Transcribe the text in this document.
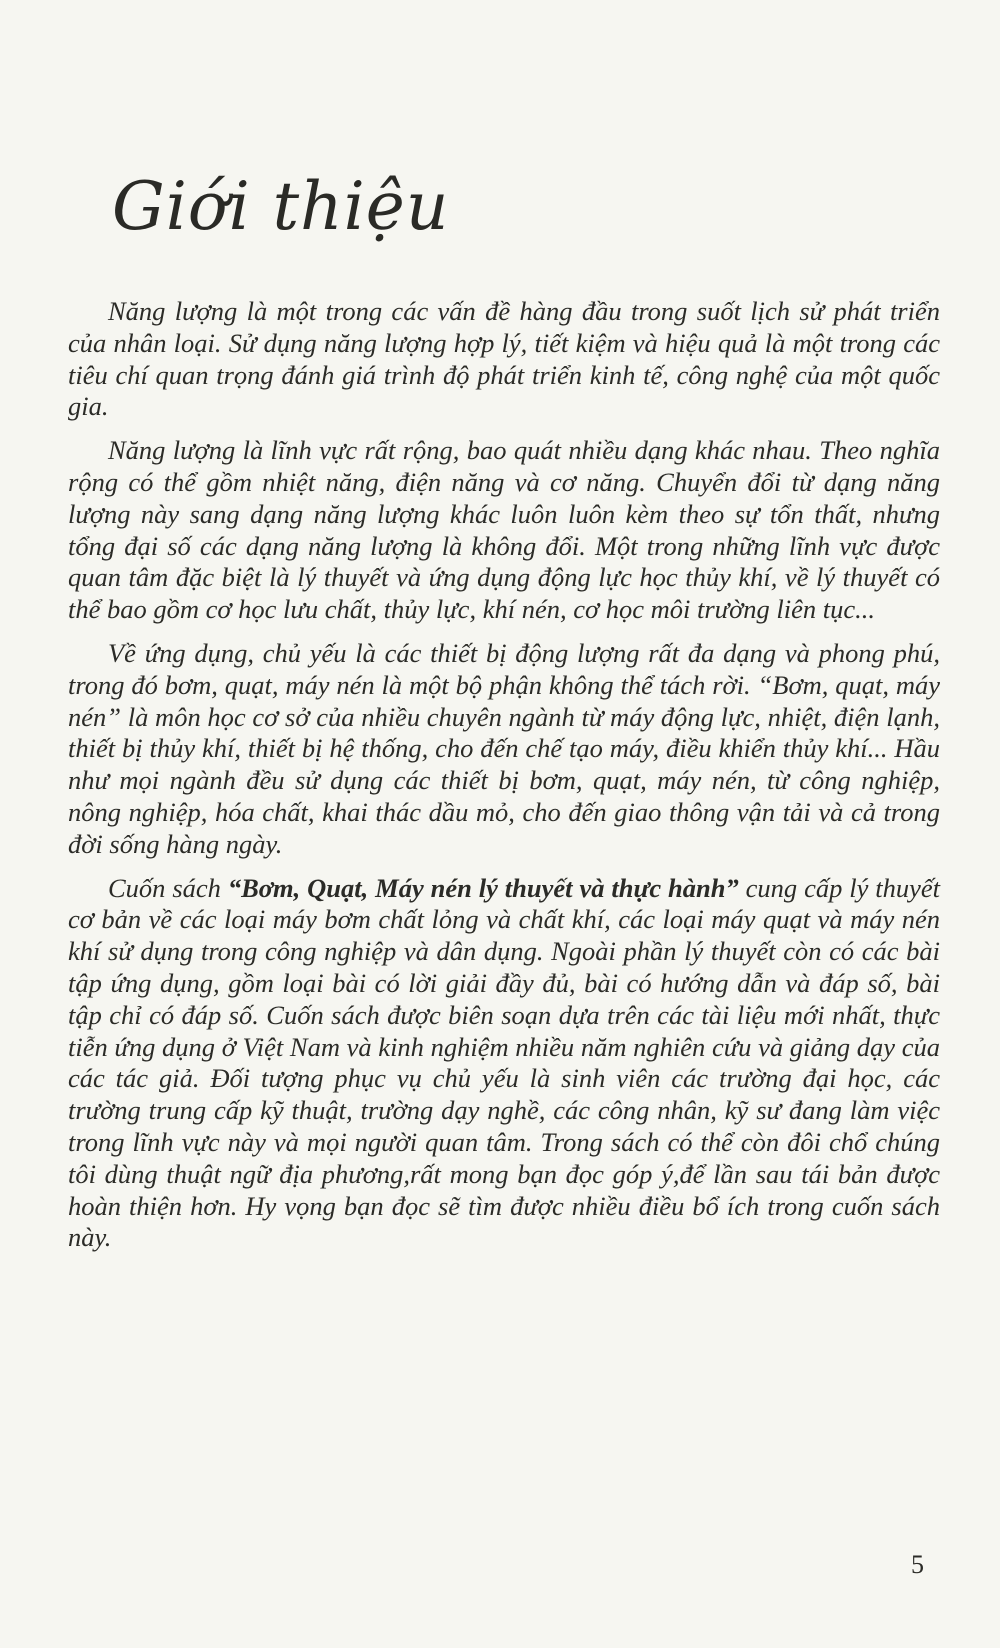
Giới thiệu

Năng lượng là một trong các vấn đề hàng đầu trong suốt lịch sử phát triển của nhân loại. Sử dụng năng lượng hợp lý, tiết kiệm và hiệu quả là một trong các tiêu chí quan trọng đánh giá trình độ phát triển kinh tế, công nghệ của một quốc gia.

Năng lượng là lĩnh vực rất rộng, bao quát nhiều dạng khác nhau. Theo nghĩa rộng có thể gồm nhiệt năng, điện năng và cơ năng. Chuyển đổi từ dạng năng lượng này sang dạng năng lượng khác luôn luôn kèm theo sự tổn thất, nhưng tổng đại số các dạng năng lượng là không đổi. Một trong những lĩnh vực được quan tâm đặc biệt là lý thuyết và ứng dụng động lực học thủy khí, về lý thuyết có thể bao gồm cơ học lưu chất, thủy lực, khí nén, cơ học môi trường liên tục...

Về ứng dụng, chủ yếu là các thiết bị động lượng rất đa dạng và phong phú, trong đó bơm, quạt, máy nén là một bộ phận không thể tách rời. “Bơm, quạt, máy nén” là môn học cơ sở của nhiều chuyên ngành từ máy động lực, nhiệt, điện lạnh, thiết bị thủy khí, thiết bị hệ thống, cho đến chế tạo máy, điều khiển thủy khí... Hầu như mọi ngành đều sử dụng các thiết bị bơm, quạt, máy nén, từ công nghiệp, nông nghiệp, hóa chất, khai thác dầu mỏ, cho đến giao thông vận tải và cả trong đời sống hàng ngày.

Cuốn sách “Bơm, Quạt, Máy nén lý thuyết và thực hành” cung cấp lý thuyết cơ bản về các loại máy bơm chất lỏng và chất khí, các loại máy quạt và máy nén khí sử dụng trong công nghiệp và dân dụng. Ngoài phần lý thuyết còn có các bài tập ứng dụng, gồm loại bài có lời giải đầy đủ, bài có hướng dẫn và đáp số, bài tập chỉ có đáp số. Cuốn sách được biên soạn dựa trên các tài liệu mới nhất, thực tiễn ứng dụng ở Việt Nam và kinh nghiệm nhiều năm nghiên cứu và giảng dạy của các tác giả. Đối tượng phục vụ chủ yếu là sinh viên các trường đại học, các trường trung cấp kỹ thuật, trường dạy nghề, các công nhân, kỹ sư đang làm việc trong lĩnh vực này và mọi người quan tâm. Trong sách có thể còn đôi chổ chúng tôi dùng thuật ngữ địa phương,rất mong bạn đọc góp ý,để lần sau tái bản được hoàn thiện hơn. Hy vọng bạn đọc sẽ tìm được nhiều điều bổ ích trong cuốn sách này.

5
